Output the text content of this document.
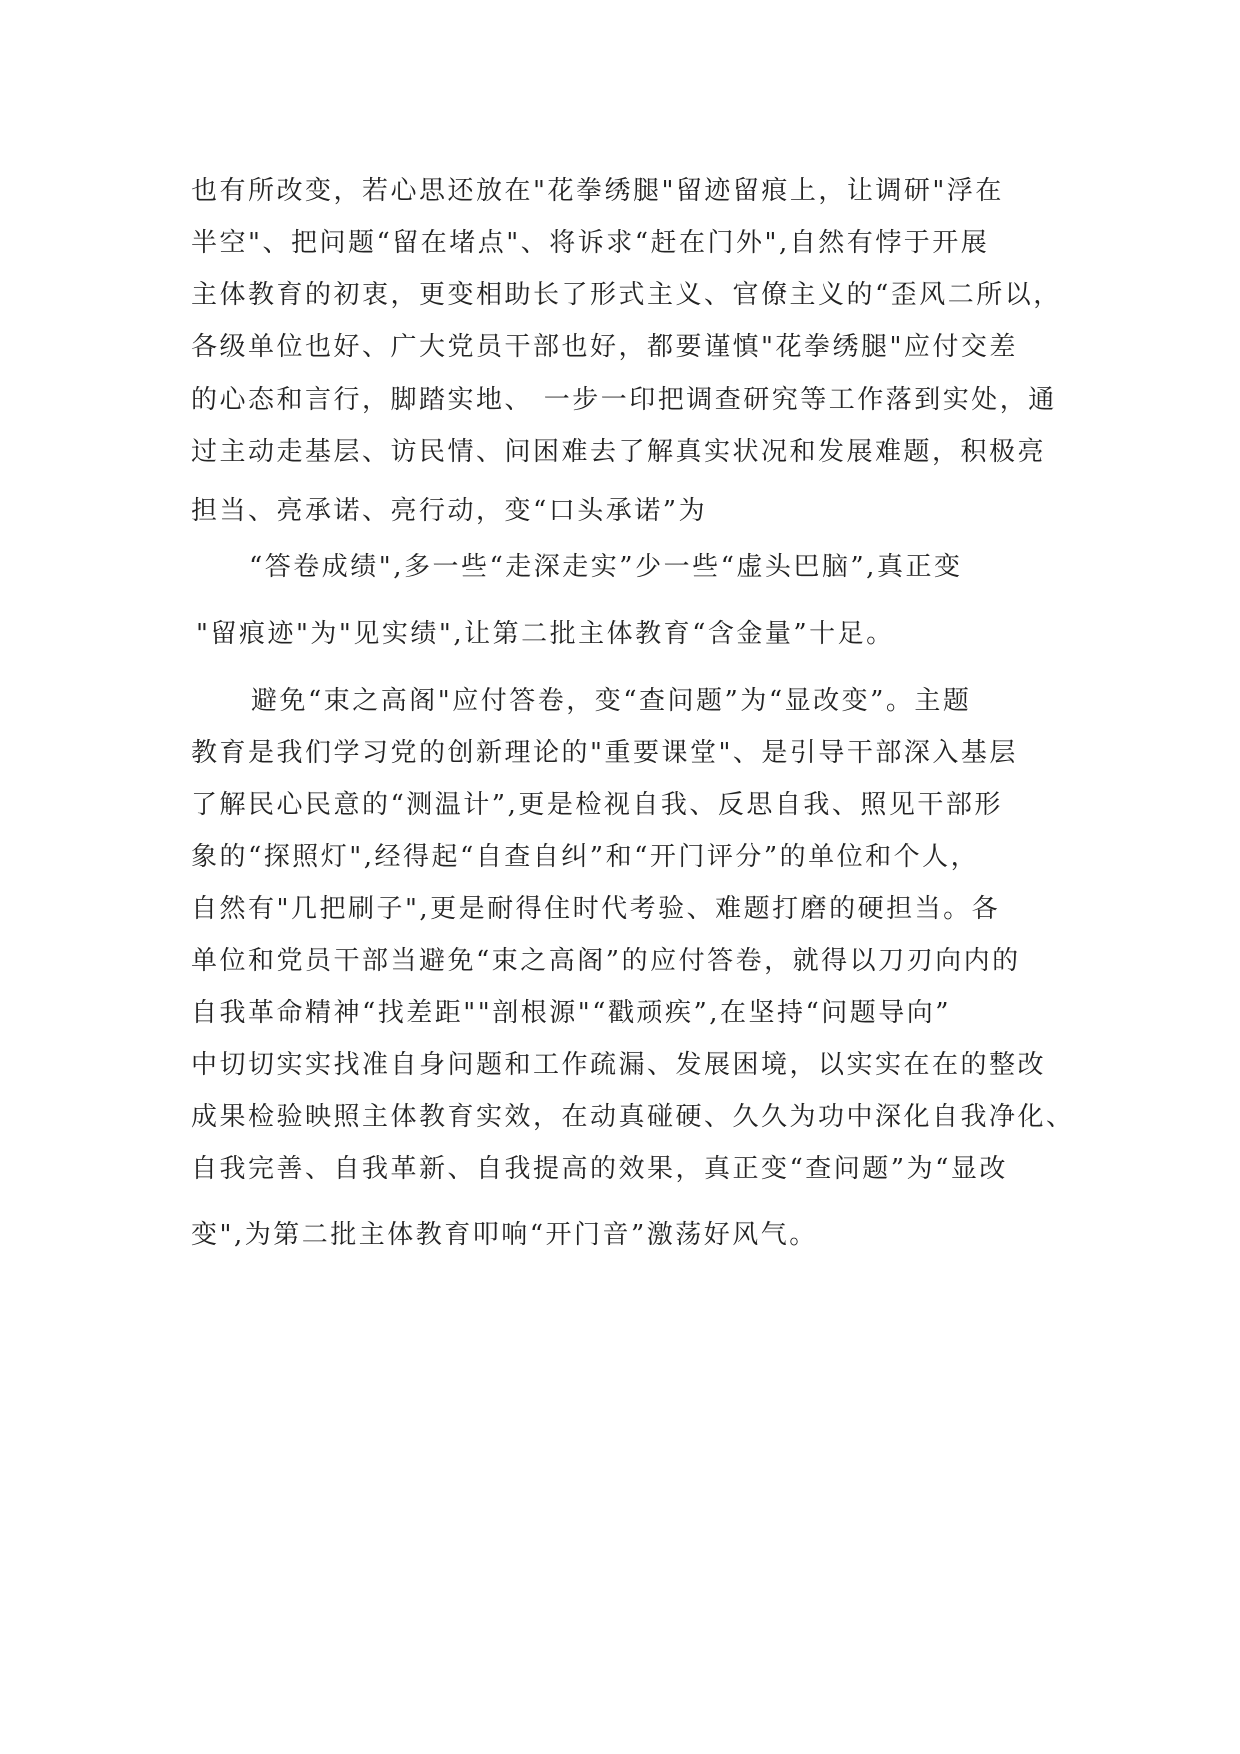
也有所改变，若心思还放在"花拳绣腿"留迹留痕上，让调研"浮在
半空"、把问题“留在堵点"、将诉求“赶在门外",自然有悖于开展
主体教育的初衷，更变相助长了形式主义、官僚主义的“歪风二所以，
各级单位也好、广大党员干部也好，都要谨慎"花拳绣腿"应付交差
的心态和言行，脚踏实地、 一步一印把调查研究等工作落到实处，通
过主动走基层、访民情、问困难去了解真实状况和发展难题，积极亮
担当、亮承诺、亮行动，变“口头承诺”为
“答卷成绩",多一些“走深走实”少一些“虚头巴脑”,真正变
"留痕迹"为"见实绩",让第二批主体教育“含金量”十足。
避免“束之高阁"应付答卷，变“查问题”为“显改变”。主题
教育是我们学习党的创新理论的"重要课堂"、是引导干部深入基层
了解民心民意的“测温计”,更是检视自我、反思自我、照见干部形
象的“探照灯",经得起“自查自纠”和“开门评分”的单位和个人，
自然有"几把刷子",更是耐得住时代考验、难题打磨的硬担当。各
单位和党员干部当避免“束之高阁”的应付答卷，就得以刀刃向内的
自我革命精神“找差距""剖根源"“戳顽疾”,在坚持“问题导向”
中切切实实找准自身问题和工作疏漏、发展困境，以实实在在的整改
成果检验映照主体教育实效，在动真碰硬、久久为功中深化自我净化、
自我完善、自我革新、自我提高的效果，真正变“查问题”为“显改
变",为第二批主体教育叩响“开门音”激荡好风气。
